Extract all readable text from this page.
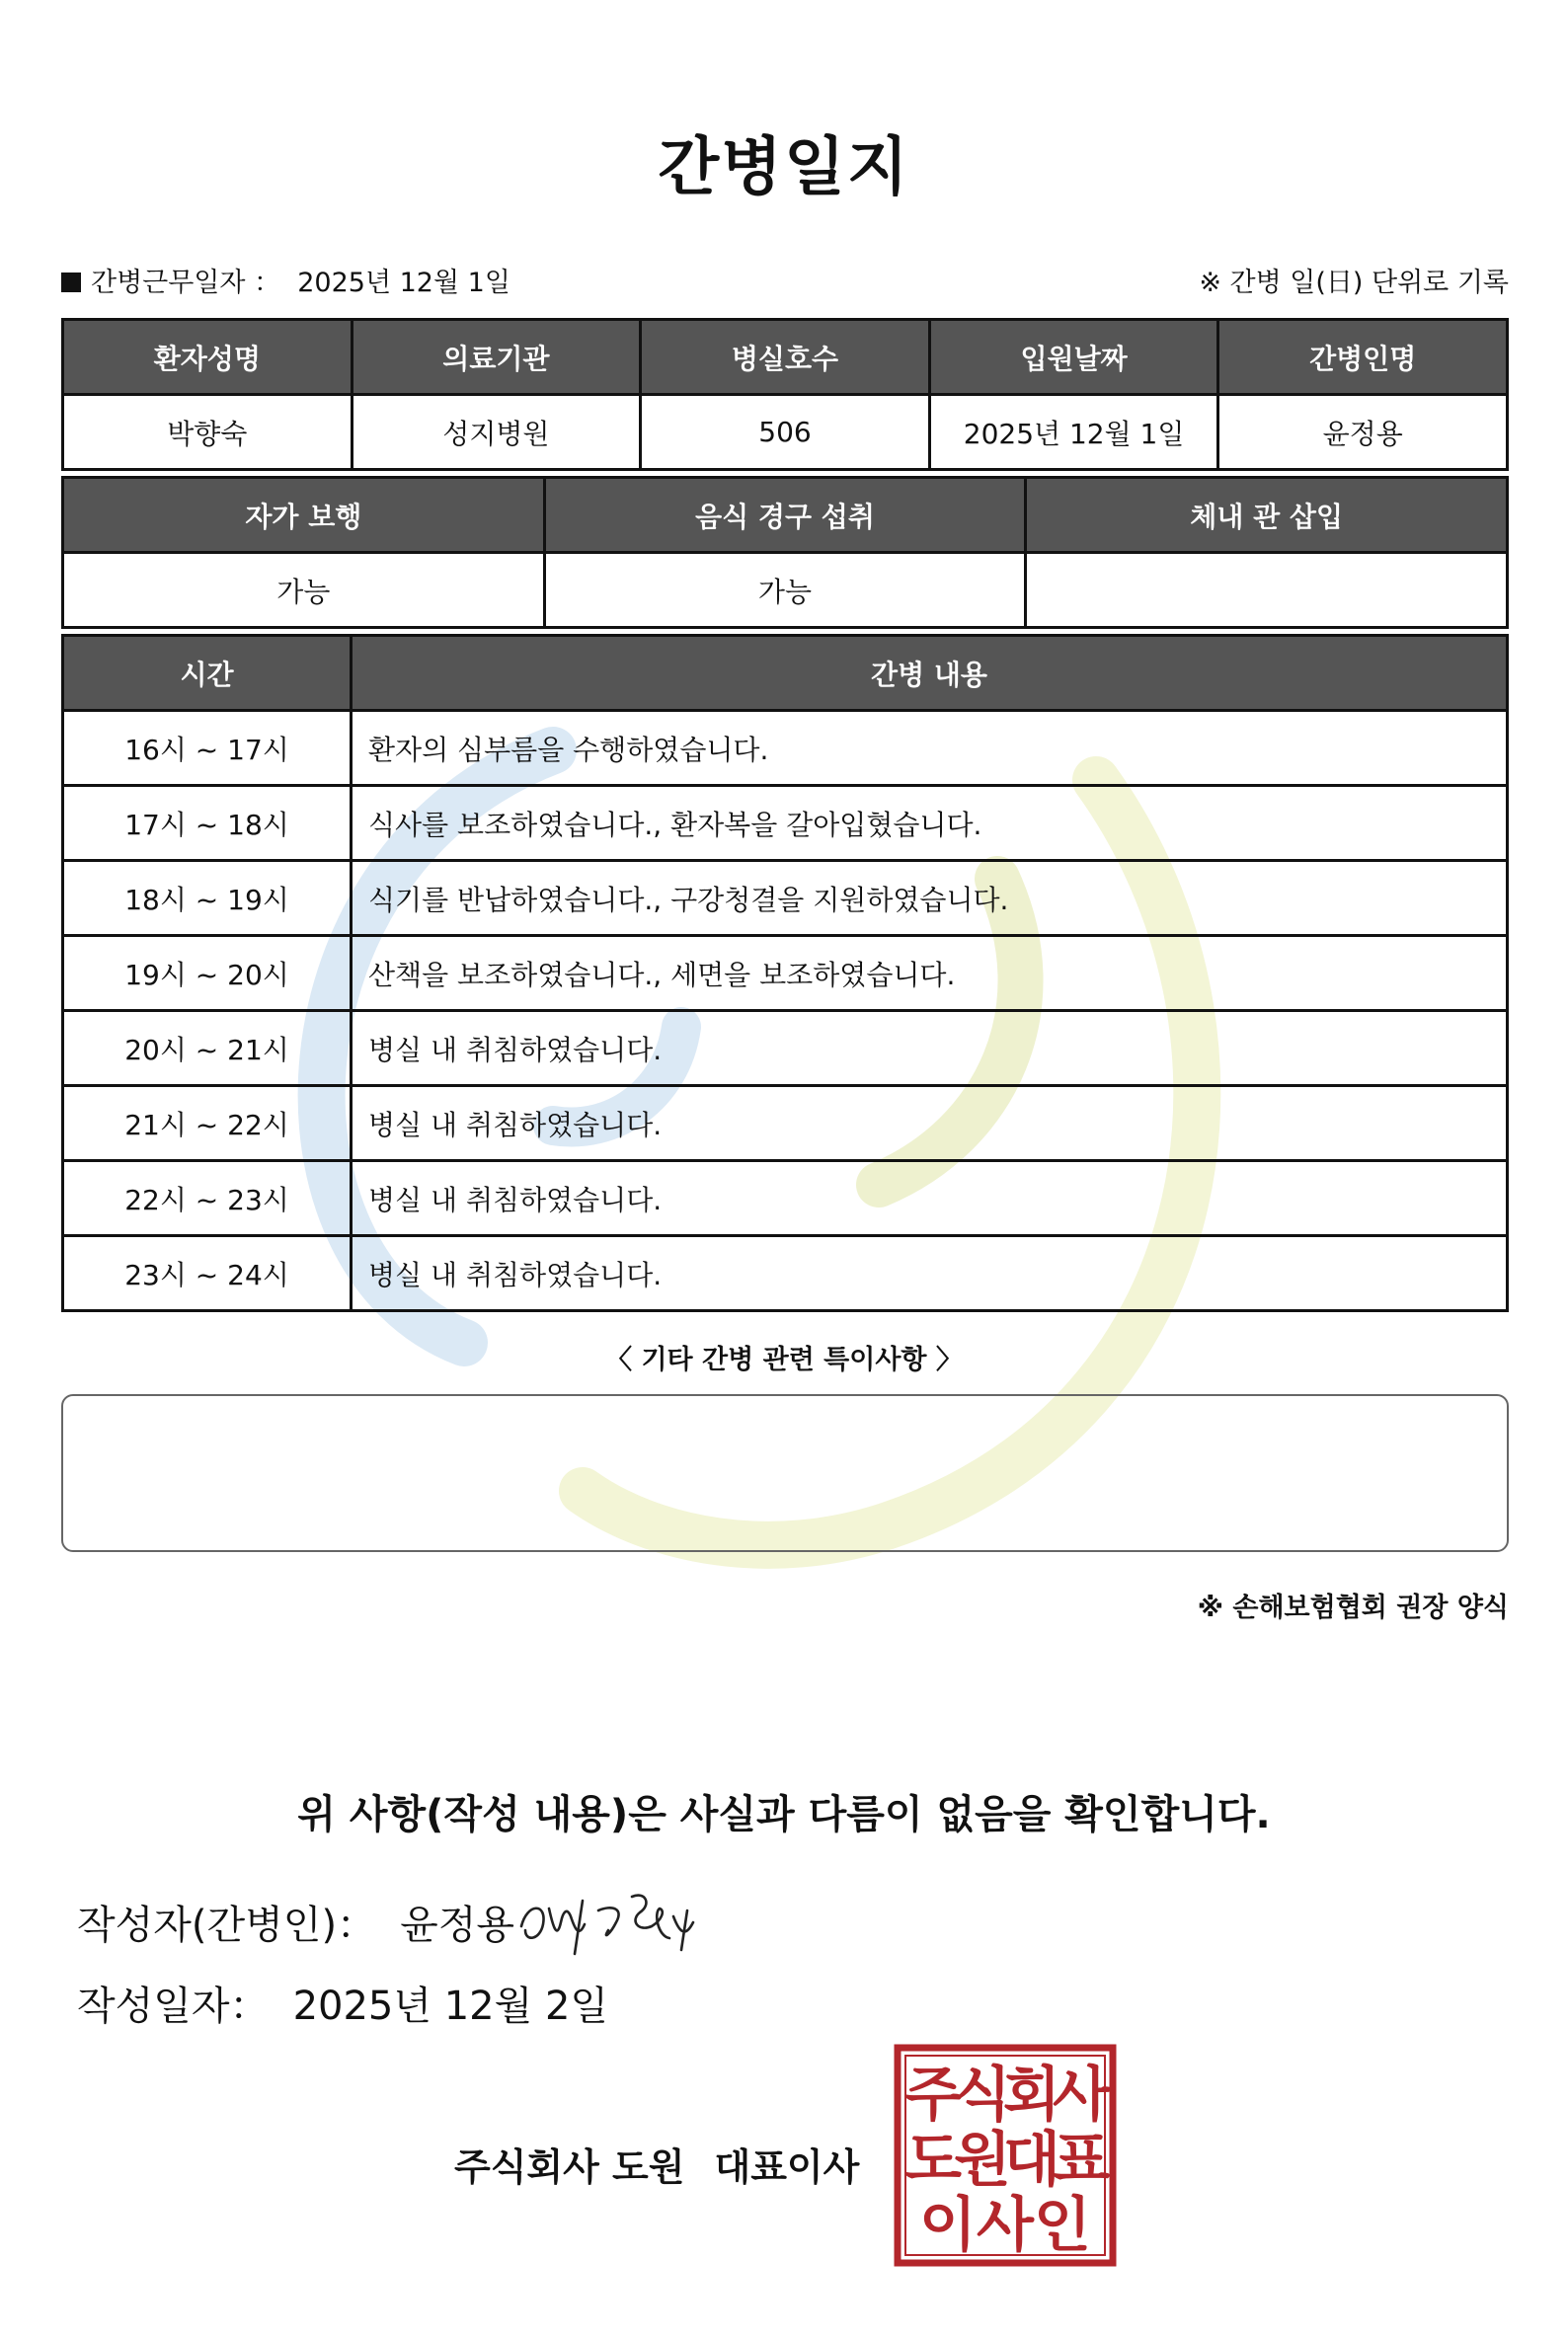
간병일지
간병근무일자 ： 2025년 12월 1일	※ 간병 일(日) 단위로 기록
환자성명	의료기관	병실호수	입원날짜	간병인명
박향숙	성지병원	506	2025년 12월 1일	윤정용
자가 보행	음식 경구 섭취	체내 관 삽입
가능	가능	
시간	간병 내용
16시 ~ 17시	환자의 심부름을 수행하였습니다.
17시 ~ 18시	식사를 보조하였습니다., 환자복을 갈아입혔습니다.
18시 ~ 19시	식기를 반납하였습니다., 구강청결을 지원하였습니다.
19시 ~ 20시	산책을 보조하였습니다., 세면을 보조하였습니다.
20시 ~ 21시	병실 내 취침하였습니다.
21시 ~ 22시	병실 내 취침하였습니다.
22시 ~ 23시	병실 내 취침하였습니다.
23시 ~ 24시	병실 내 취침하였습니다.
〈 기타 간병 관련 특이사항 〉
※ 손해보험협회 권장 양식
위 사항(작성 내용)은 사실과 다름이 없음을 확인합니다.
작성자(간병인)： 윤정용
작성일자： 2025년 12월 2일
주식회사 도원 대표이사
주
식
회
사
도
원
대
표
이 사 인
